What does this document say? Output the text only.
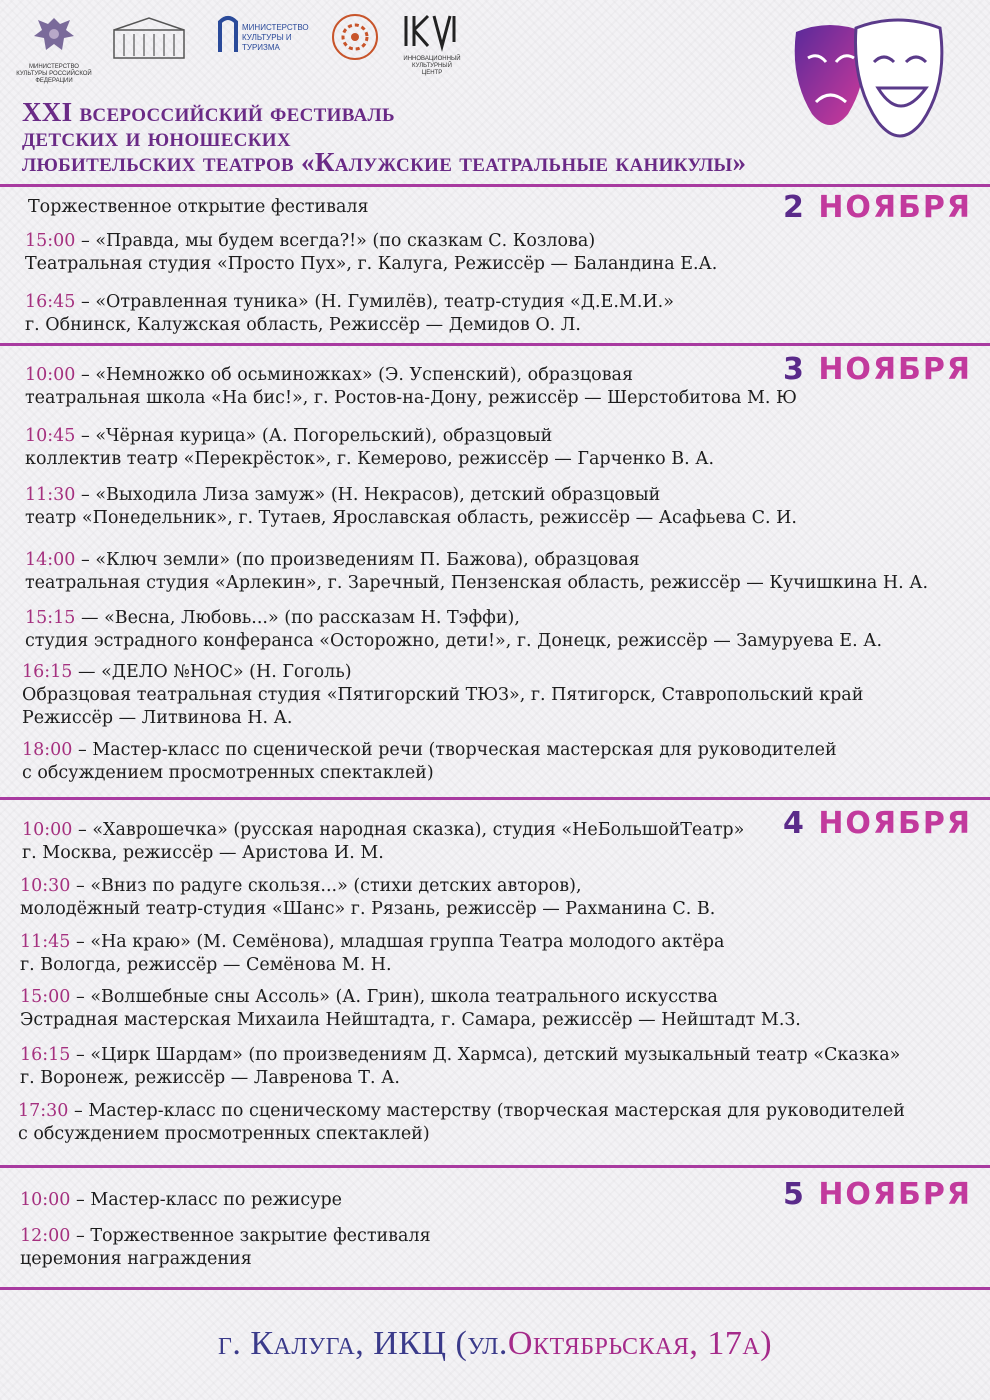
МИНИСТЕРСТВО КУЛЬТУРЫ РОССИЙСКОЙ ФЕДЕРАЦИИ
МИНИСТЕРСТВО
КУЛЬТУРЫ И
ТУРИЗМА
ИННОВАЦИОННЫЙ КУЛЬТУРНЫЙ ЦЕНТР
XXI всероссийский фестиваль
детских и юношеских
любительских театров «Калужские театральные каникулы»
2 НОЯБРЯ
Торжественное открытие фестиваля
15:00 – «Правда, мы будем всегда?!» (по сказкам С. Козлова)
Театральная студия «Просто Пух», г. Калуга, Режиссёр — Баландина Е.А.
16:45 – «Отравленная туника» (Н. Гумилёв), театр-студия «Д.Е.М.И.»
г. Обнинск, Калужская область, Режиссёр — Демидов О. Л.
3 НОЯБРЯ
10:00 – «Немножко об осьминожках» (Э. Успенский), образцовая
театральная школа «На бис!», г. Ростов-на-Дону, режиссёр — Шерстобитова М. Ю
10:45 – «Чёрная курица» (А. Погорельский), образцовый
коллектив театр «Перекрёсток», г. Кемерово, режиссёр — Гарченко В. А.
11:30 – «Выходила Лиза замуж» (Н. Некрасов), детский образцовый
театр «Понедельник», г. Тутаев, Ярославская область, режиссёр — Асафьева С. И.
14:00 – «Ключ земли» (по произведениям П. Бажова), образцовая
театральная студия «Арлекин», г. Заречный, Пензенская область, режиссёр — Кучишкина Н. А.
15:15 — «Весна, Любовь...» (по рассказам Н. Тэффи),
студия эстрадного конферанса «Осторожно, дети!», г. Донецк, режиссёр — Замуруева Е. А.
16:15 — «ДЕЛО №НОС» (Н. Гоголь)
Образцовая театральная студия «Пятигорский ТЮЗ», г. Пятигорск, Ставропольский край
Режиссёр — Литвинова Н. А.
18:00 – Мастер-класс по сценической речи (творческая мастерская для руководителей
с обсуждением просмотренных спектаклей)
4 НОЯБРЯ
10:00 – «Хаврошечка» (русская народная сказка), студия «НеБольшойТеатр»
г. Москва, режиссёр — Аристова И. М.
10:30 – «Вниз по радуге скользя...» (стихи детских авторов),
молодёжный театр-студия «Шанс» г. Рязань, режиссёр — Рахманина С. В.
11:45 – «На краю» (М. Семёнова), младшая группа Театра молодого актёра
г. Вологда, режиссёр — Семёнова М. Н.
15:00 – «Волшебные сны Ассоль» (А. Грин), школа театрального искусства
Эстрадная мастерская Михаила Нейштадта, г. Самара, режиссёр — Нейштадт М.З.
16:15 – «Цирк Шардам» (по произведениям Д. Хармса), детский музыкальный театр «Сказка»
г. Воронеж, режиссёр — Лавренова Т. А.
17:30 – Мастер-класс по сценическому мастерству (творческая мастерская для руководителей
с обсуждением просмотренных спектаклей)
5 НОЯБРЯ
10:00 – Мастер-класс по режисуре
12:00 – Торжественное закрытие фестиваля
церемония награждения
г. Калуга, ИКЦ (ул.Октябрьская, 17а)
